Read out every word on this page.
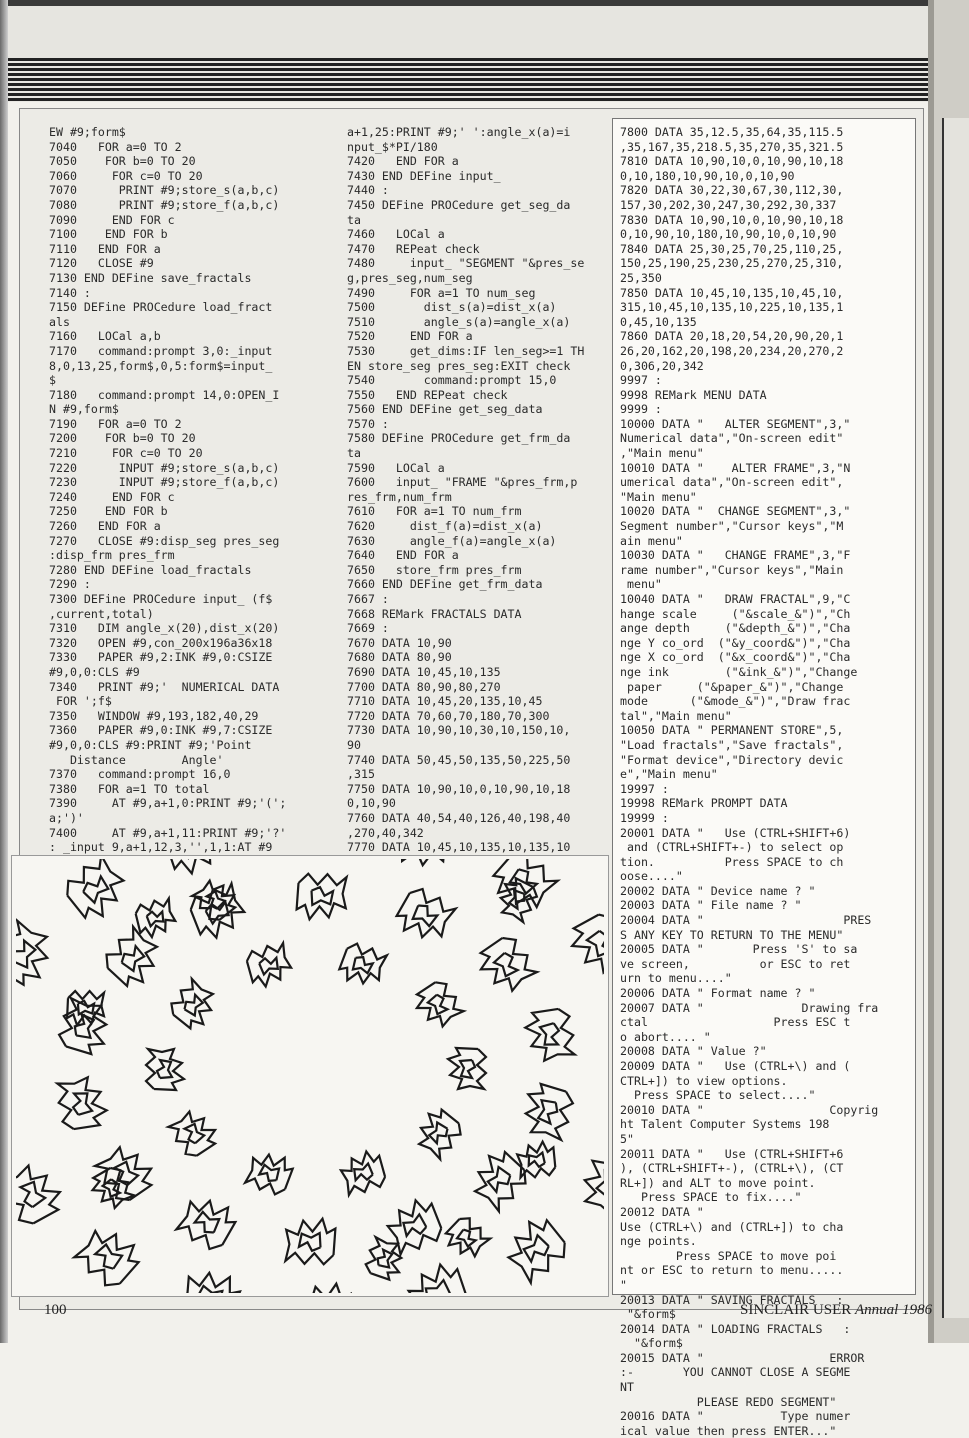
EW #9;form$
7040   FOR a=0 TO 2
7050    FOR b=0 TO 20
7060     FOR c=0 TO 20
7070      PRINT #9;store_s(a,b,c)
7080      PRINT #9;store_f(a,b,c)
7090     END FOR c
7100    END FOR b
7110   END FOR a
7120   CLOSE #9
7130 END DEFine save_fractals
7140 :
7150 DEFine PROCedure load_fract
als
7160   LOCal a,b
7170   command:prompt 3,0:_input
8,0,13,25,form$,0,5:form$=input_
$
7180   command:prompt 14,0:OPEN_I
N #9,form$
7190   FOR a=0 TO 2
7200    FOR b=0 TO 20
7210     FOR c=0 TO 20
7220      INPUT #9;store_s(a,b,c)
7230      INPUT #9;store_f(a,b,c)
7240     END FOR c
7250    END FOR b
7260   END FOR a
7270   CLOSE #9:disp_seg pres_seg
:disp_frm pres_frm
7280 END DEFine load_fractals
7290 :
7300 DEFine PROCedure input_ (f$
,current,total)
7310   DIM angle_x(20),dist_x(20)
7320   OPEN #9,con_200x196a36x18
7330   PAPER #9,2:INK #9,0:CSIZE
#9,0,0:CLS #9
7340   PRINT #9;'  NUMERICAL DATA
FOR ';f$
7350   WINDOW #9,193,182,40,29
7360   PAPER #9,0:INK #9,7:CSIZE
#9,0,0:CLS #9:PRINT #9;'Point
Distance        Angle'
7370   command:prompt 16,0
7380   FOR a=1 TO total
7390     AT #9,a+1,0:PRINT #9;'(';
a;')'
7400     AT #9,a+1,11:PRINT #9;'?'
: _input 9,a+1,12,3,'',1,1:AT #9

a+1,25:PRINT #9;' ':angle_x(a)=i
nput_$*PI/180
7420   END FOR a
7430 END DEFine input_
7440 :
7450 DEFine PROCedure get_seg_da
ta
7460   LOCal a
7470   REPeat check
7480     input_ "SEGMENT "&pres_se
g,pres_seg,num_seg
7490     FOR a=1 TO num_seg
7500       dist_s(a)=dist_x(a)
7510       angle_s(a)=angle_x(a)
7520     END FOR a
7530     get_dims:IF len_seg>=1 TH
EN store_seg pres_seg:EXIT check
7540       command:prompt 15,0
7550   END REPeat check
7560 END DEFine get_seg_data
7570 :
7580 DEFine PROCedure get_frm_da
ta
7590   LOCal a
7600   input_ "FRAME "&pres_frm,p
res_frm,num_frm
7610   FOR a=1 TO num_frm
7620     dist_f(a)=dist_x(a)
7630     angle_f(a)=angle_x(a)
7640   END FOR a
7650   store_frm pres_frm
7660 END DEFine get_frm_data
7667 :
7668 REMark FRACTALS DATA
7669 :
7670 DATA 10,90
7680 DATA 80,90
7690 DATA 10,45,10,135
7700 DATA 80,90,80,270
7710 DATA 10,45,20,135,10,45
7720 DATA 70,60,70,180,70,300
7730 DATA 10,90,10,30,10,150,10,
90
7740 DATA 50,45,50,135,50,225,50
,315
7750 DATA 10,90,10,0,10,90,10,18
0,10,90
7760 DATA 40,54,40,126,40,198,40
,270,40,342
7770 DATA 10,45,10,135,10,135,10

7800 DATA 35,12.5,35,64,35,115.5
,35,167,35,218.5,35,270,35,321.5
7810 DATA 10,90,10,0,10,90,10,18
0,10,180,10,90,10,0,10,90
7820 DATA 30,22,30,67,30,112,30,
157,30,202,30,247,30,292,30,337
7830 DATA 10,90,10,0,10,90,10,18
0,10,90,10,180,10,90,10,0,10,90
7840 DATA 25,30,25,70,25,110,25,
150,25,190,25,230,25,270,25,310,
25,350
7850 DATA 10,45,10,135,10,45,10,
315,10,45,10,135,10,225,10,135,1
0,45,10,135
7860 DATA 20,18,20,54,20,90,20,1
26,20,162,20,198,20,234,20,270,2
0,306,20,342
9997 :
9998 REMark MENU DATA
9999 :
10000 DATA "   ALTER SEGMENT",3,"
Numerical data","On-screen edit"
,"Main menu"
10010 DATA "    ALTER FRAME",3,"N
umerical data","On-screen edit",
"Main menu"
10020 DATA "  CHANGE SEGMENT",3,"
Segment number","Cursor keys","M
ain menu"
10030 DATA "   CHANGE FRAME",3,"F
rame number","Cursor keys","Main
menu"
10040 DATA "   DRAW FRACTAL",9,"C
hange scale     ("&scale_&")","Ch
ange depth     ("&depth_&")","Cha
nge Y co_ord  ("&y_coord&")","Cha
nge X co_ord  ("&x_coord&")","Cha
nge ink        ("&ink_&")","Change
paper     ("&paper_&")","Change
mode      ("&mode_&")","Draw frac
tal","Main menu"
10050 DATA " PERMANENT STORE",5,
"Load fractals","Save fractals",
"Format device","Directory devic
e","Main menu"
19997 :
19998 REMark PROMPT DATA
19999 :
20001 DATA "   Use (CTRL+SHIFT+6)
and (CTRL+SHIFT+-) to select op
tion.          Press SPACE to ch
oose...."
20002 DATA " Device name ? "
20003 DATA " File name ? "
20004 DATA "                    PRES
S ANY KEY TO RETURN TO THE MENU"
20005 DATA "       Press 'S' to sa
ve screen,          or ESC to ret
urn to menu...."
20006 DATA " Format name ? "
20007 DATA "              Drawing fra
ctal                  Press ESC t
o abort.... "
20008 DATA " Value ?"
20009 DATA "   Use (CTRL+\) and (
CTRL+]) to view options.
Press SPACE to select...."
20010 DATA "                  Copyrig
ht Talent Computer Systems 198
5"
20011 DATA "   Use (CTRL+SHIFT+6
), (CTRL+SHIFT+-), (CTRL+\), (CT
RL+]) and ALT to move point.
Press SPACE to fix...."
20012 DATA "
Use (CTRL+\) and (CTRL+]) to cha
nge points.
Press SPACE to move poi
nt or ESC to return to menu.....
"
20013 DATA " SAVING FRACTALS   :
"&form$
20014 DATA " LOADING FRACTALS   :
"&form$
20015 DATA "                  ERROR
:-       YOU CANNOT CLOSE A SEGME
NT
PLEASE REDO SEGMENT"
20016 DATA "           Type numer
ical value then press ENTER..."
100	SINCLAIR USER Annual 1986
